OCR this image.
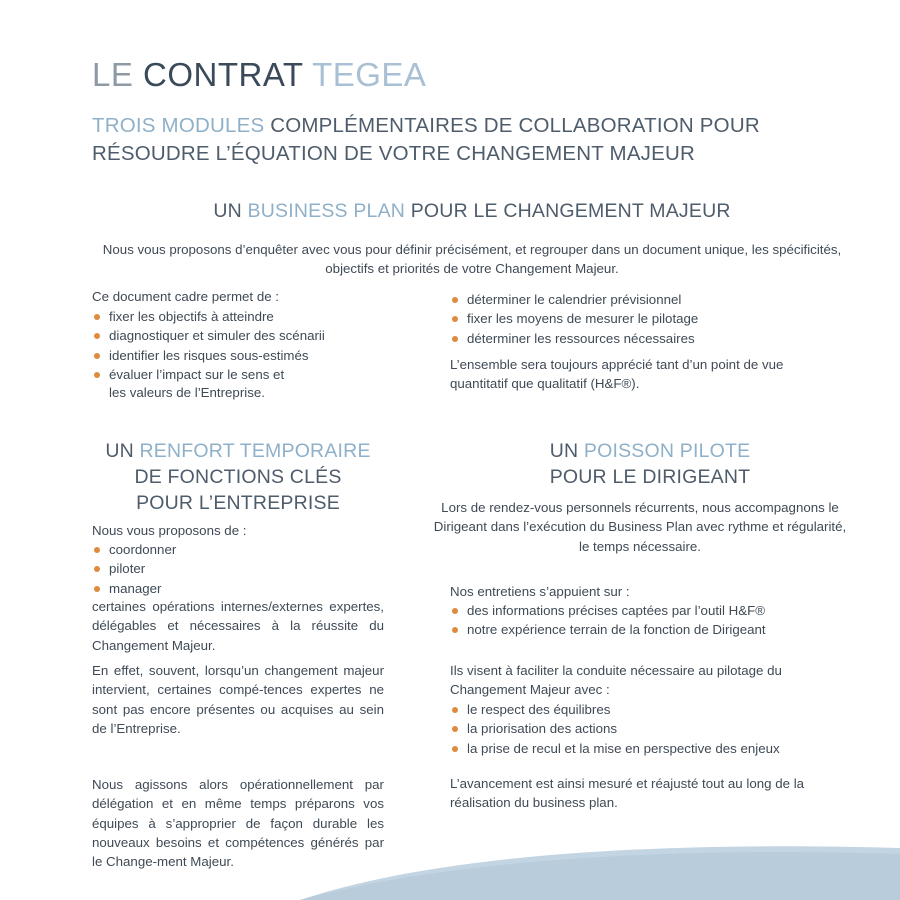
LE CONTRAT TEGEA
TROIS MODULES COMPLÉMENTAIRES DE COLLABORATION POUR RÉSOUDRE L’ÉQUATION DE VOTRE CHANGEMENT MAJEUR
UN BUSINESS PLAN POUR LE CHANGEMENT MAJEUR
Nous vous proposons d’enquêter avec vous pour définir précisément, et regrouper dans un document unique, les spécificités, objectifs et priorités de votre Changement Majeur.
Ce document cadre permet de :
fixer les objectifs à atteindre
diagnostiquer et simuler des scénarii
identifier les risques sous-estimés
évaluer l’impact sur le sens et
les valeurs de l’Entreprise.
déterminer le calendrier prévisionnel
fixer les moyens de mesurer le pilotage
déterminer les ressources nécessaires
L’ensemble sera toujours apprécié tant d’un point de vue quantitatif que qualitatif (H&F®).
UN RENFORT TEMPORAIRE
DE FONCTIONS CLÉS
POUR L’ENTREPRISE
Nous vous proposons de :
coordonner
piloter
manager
certaines opérations internes/externes expertes, délégables et nécessaires à la réussite du Changement Majeur.
En effet, souvent, lorsqu’un changement majeur intervient, certaines compé-tences expertes ne sont pas encore présentes ou acquises au sein de l’Entreprise.
Nous agissons alors opérationnellement par délégation et en même temps préparons vos équipes à s’approprier de façon durable les nouveaux besoins et compétences générés par le Change-ment Majeur.
UN POISSON PILOTE
POUR LE DIRIGEANT
Lors de rendez-vous personnels récurrents, nous accompagnons le Dirigeant dans l’exécution du Business Plan avec rythme et régularité, le temps nécessaire.
Nos entretiens s’appuient sur :
des informations précises captées par l’outil H&F®
notre expérience terrain de la fonction de Dirigeant
Ils visent à faciliter la conduite nécessaire au pilotage du Changement Majeur avec :
le respect des équilibres
la priorisation des actions
la prise de recul et la mise en perspective des enjeux
L’avancement est ainsi mesuré et réajusté tout au long de la réalisation du business plan.
